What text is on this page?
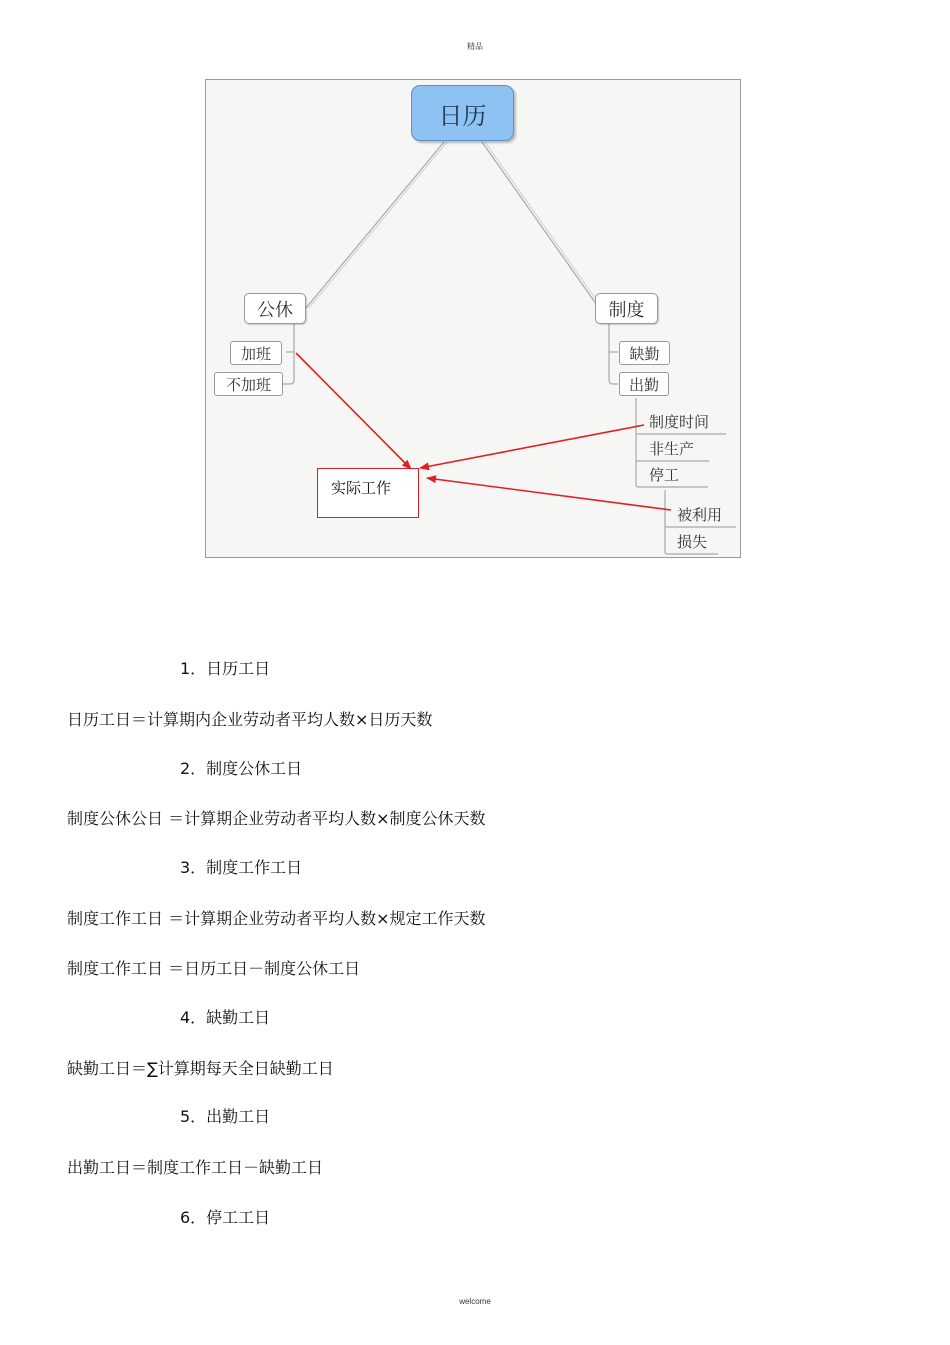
精品
日历
公休
加班
不加班
制度
缺勤
出勤
制度时间
非生产
停工
被利用
损失
实际工作
1．日历工日
日历工日＝计算期内企业劳动者平均人数×日历天数
2．制度公休工日
制度公休公日 ＝计算期企业劳动者平均人数×制度公休天数
3．制度工作工日
制度工作工日 ＝计算期企业劳动者平均人数×规定工作天数
制度工作工日 ＝日历工日－制度公休工日
4．缺勤工日
缺勤工日＝∑计算期每天全日缺勤工日
5．出勤工日
出勤工日＝制度工作工日－缺勤工日
6．停工工日
welcome
